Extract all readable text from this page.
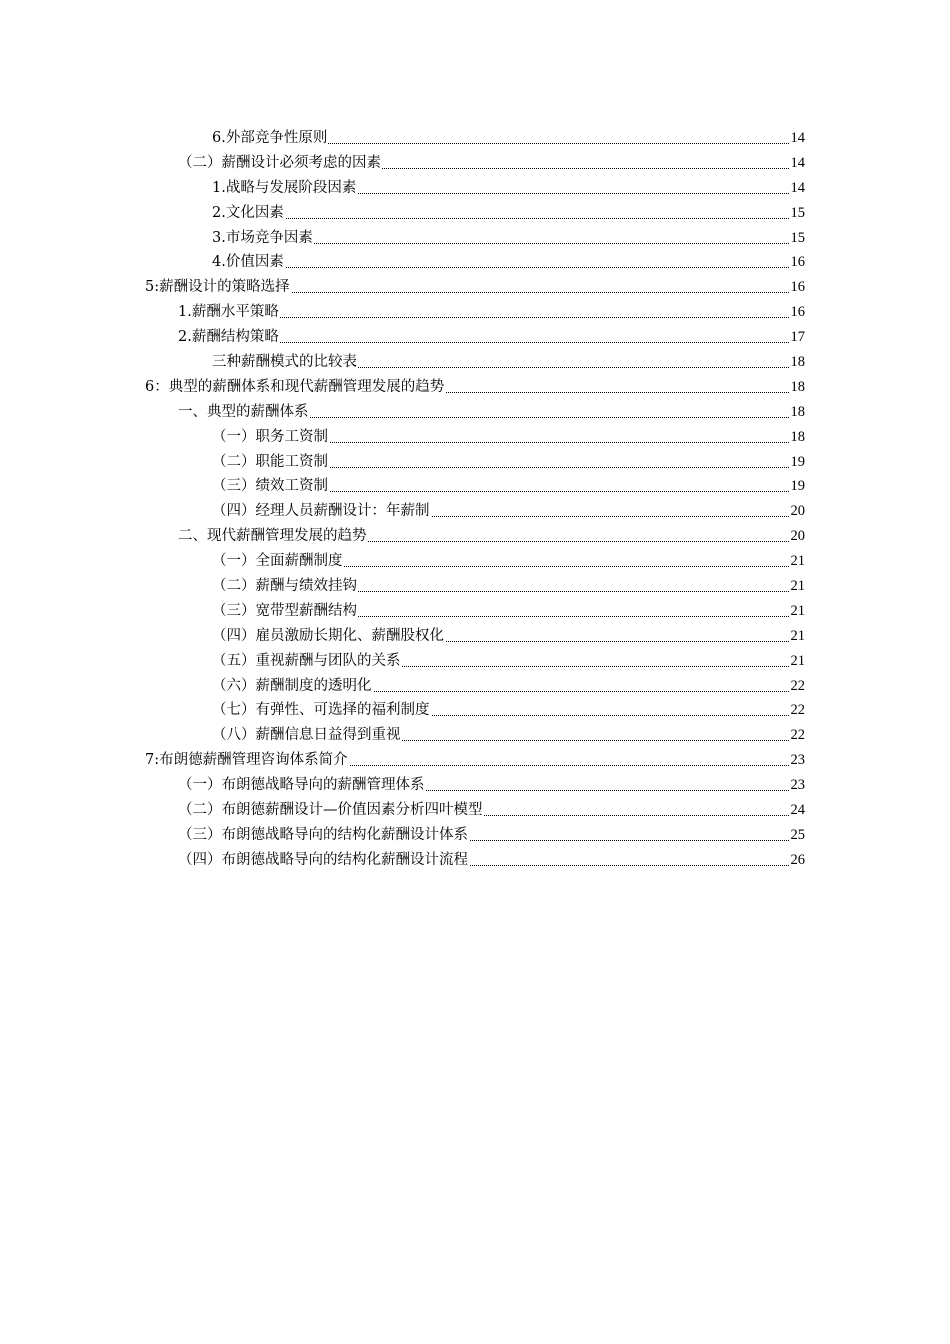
6.外部竞争性原则	14
（二）薪酬设计必须考虑的因素	14
1.战略与发展阶段因素	14
2.文化因素	15
3.市场竞争因素	15
4.价值因素	16
5:薪酬设计的策略选择	16
1.薪酬水平策略	16
2.薪酬结构策略	17
三种薪酬模式的比较表	18
6：典型的薪酬体系和现代薪酬管理发展的趋势	18
一、典型的薪酬体系	18
（一）职务工资制	18
（二）职能工资制	19
（三）绩效工资制	19
（四）经理人员薪酬设计：年薪制	20
二、现代薪酬管理发展的趋势	20
（一）全面薪酬制度	21
（二）薪酬与绩效挂钩	21
（三）宽带型薪酬结构	21
（四）雇员激励长期化、薪酬股权化	21
（五）重视薪酬与团队的关系	21
（六）薪酬制度的透明化	22
（七）有弹性、可选择的福利制度	22
（八）薪酬信息日益得到重视	22
7:布朗德薪酬管理咨询体系简介	23
（一）布朗德战略导向的薪酬管理体系	23
（二）布朗德薪酬设计—价值因素分析四叶模型	24
（三）布朗德战略导向的结构化薪酬设计体系	25
（四）布朗德战略导向的结构化薪酬设计流程	26
